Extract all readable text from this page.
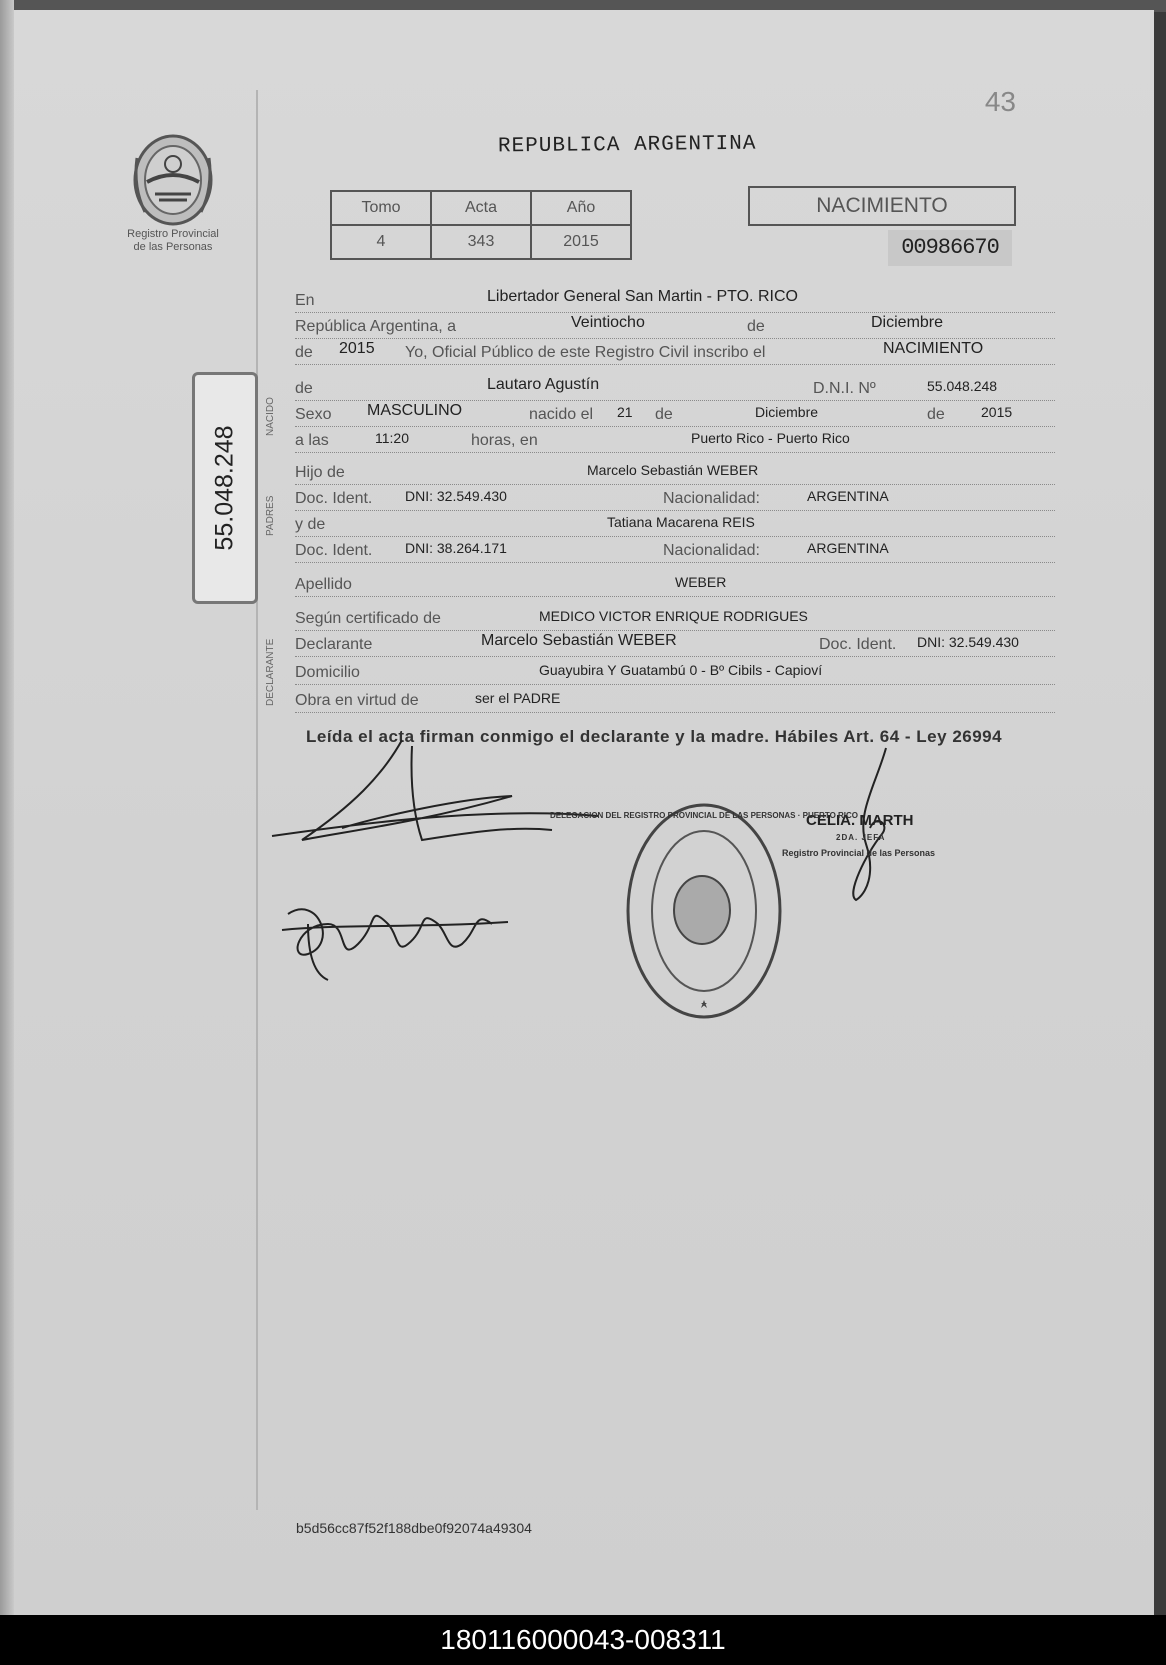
43
Registro Provincial
de las Personas
REPUBLICA ARGENTINA
Tomo	Acta	Año
4	343	2015
NACIMIENTO
00986670
55.048.248
NACIDO
PADRES
DECLARANTE
En	Libertador General San Martin - PTO. RICO
República Argentina, a	Veintiocho	de	Diciembre
de 2015 Yo, Oficial Público de este Registro Civil inscribo el	NACIMIENTO
de	Lautaro Agustín	D.N.I. Nº	55.048.248
Sexo MASCULINO	nacido el 21 de	Diciembre	de	2015
a las	11:20	horas, en	Puerto Rico - Puerto Rico
Hijo de	Marcelo Sebastián WEBER
Doc. Ident. DNI: 32.549.430	Nacionalidad:	ARGENTINA
y de	Tatiana Macarena REIS
Doc. Ident. DNI: 38.264.171	Nacionalidad:	ARGENTINA
Apellido	WEBER
Según certificado de	MEDICO VICTOR ENRIQUE RODRIGUES
Declarante	Marcelo Sebastián WEBER	Doc. Ident. DNI: 32.549.430
Domicilio	Guayubira Y Guatambú 0 - Bº Cibils - Capioví
Obra en virtud de	ser el PADRE
Leída el acta firman conmigo el declarante y la madre. Hábiles Art. 64 - Ley 26994
CELIA. MARTH
2DA. JEFA
Registro Provincial de las Personas
DELEGACION DEL REGISTRO PROVINCIAL DE LAS PERSONAS · PUERTO RICO
b5d56cc87f52f188dbe0f92074a49304
180116000043-008311
